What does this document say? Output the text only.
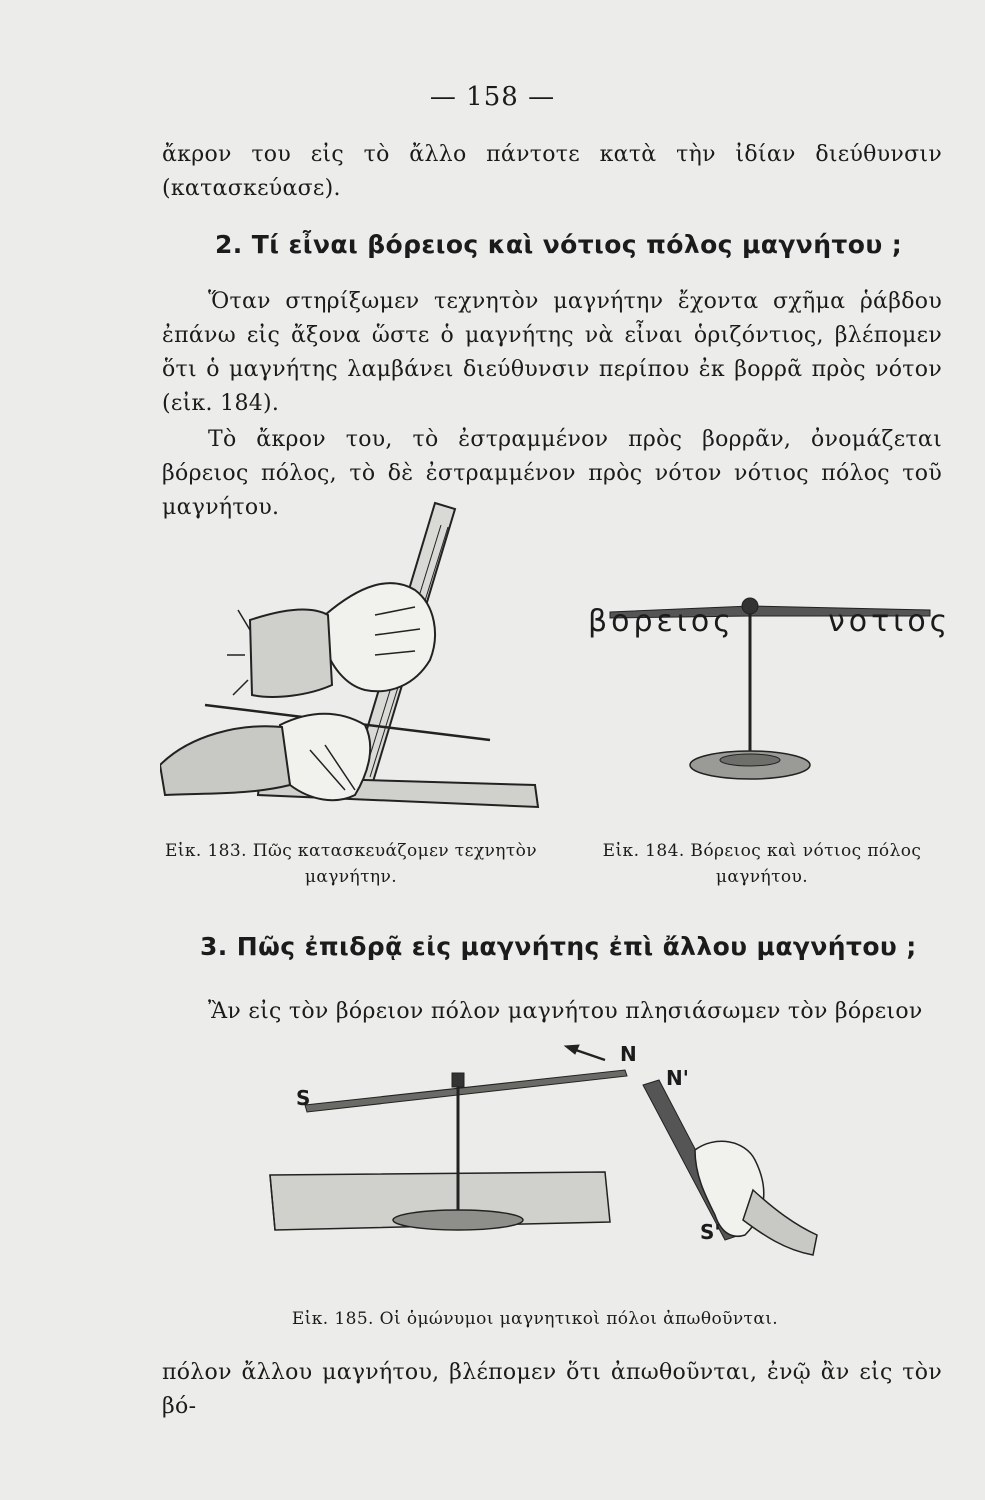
— 158 —
ἄκρον του εἰς τὸ ἄλλο πάντοτε κατὰ τὴν ἰδίαν διεύθυνσιν (κατασκεύασε).
2. Τί εἶναι βόρειος καὶ νότιος πόλος μαγνήτου ;
Ὅταν στηρίξωμεν τεχνητὸν μαγνήτην ἔχοντα σχῆμα ῥάβδου ἐπάνω εἰς ἄξονα ὥστε ὁ μαγνήτης νὰ εἶναι ὁριζόντιος, βλέπομεν ὅτι ὁ μαγνήτης λαμβάνει διεύθυνσιν περίπου ἐκ βορρᾶ πρὸς νότον (εἰκ. 184).
Τὸ ἄκρον του, τὸ ἐστραμμένον πρὸς βορρᾶν, ὀνομάζεται βόρειος πόλος, τὸ δὲ ἐστραμμένον πρὸς νότον νότιος πόλος τοῦ μαγνήτου.
βορειος	νοτιος
Εἰκ. 183. Πῶς κατασκευάζομεν τεχνητὸν μαγνήτην.
Εἰκ. 184. Βόρειος καὶ νότιος πόλος μαγνήτου.
3. Πῶς ἐπιδρᾷ εἰς μαγνήτης ἐπὶ ἄλλου μαγνήτου ;
Ἂν εἰς τὸν βόρειον πόλον μαγνήτου πλησιάσωμεν τὸν βόρειον
S
N
N'
S'
Εἰκ. 185. Οἱ ὁμώνυμοι μαγνητικοὶ πόλοι ἀπωθοῦνται.
πόλον ἄλλου μαγνήτου, βλέπομεν ὅτι ἀπωθοῦνται, ἐνῷ ἂν εἰς τὸν βό-
